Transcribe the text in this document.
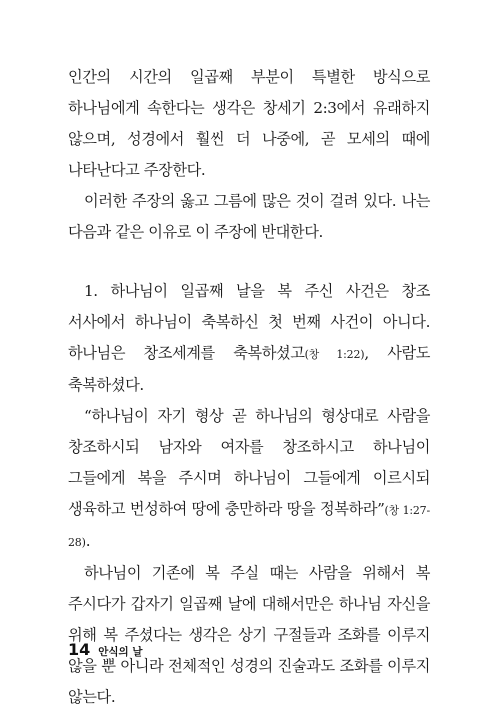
인간의 시간의 일곱째 부분이 특별한 방식으로 하나님에게 속한다는 생각은 창세기 2:3에서 유래하지 않으며, 성경에서 훨씬 더 나중에, 곧 모세의 때에 나타난다고 주장한다.

이러한 주장의 옳고 그름에 많은 것이 걸려 있다. 나는 다음과 같은 이유로 이 주장에 반대한다.

1. 하나님이 일곱째 날을 복 주신 사건은 창조 서사에서 하나님이 축복하신 첫 번째 사건이 아니다. 하나님은 창조세계를 축복하셨고(창 1:22), 사람도 축복하셨다.

“하나님이 자기 형상 곧 하나님의 형상대로 사람을 창조하시되 남자와 여자를 창조하시고 하나님이 그들에게 복을 주시며 하나님이 그들에게 이르시되 생육하고 번성하여 땅에 충만하라 땅을 정복하라”(창 1:27-28).

하나님이 기존에 복 주실 때는 사람을 위해서 복 주시다가 갑자기 일곱째 날에 대해서만은 하나님 자신을 위해 복 주셨다는 생각은 상기 구절들과 조화를 이루지 않을 뿐 아니라 전체적인 성경의 진술과도 조화를 이루지 않는다.

14 안식의 날
